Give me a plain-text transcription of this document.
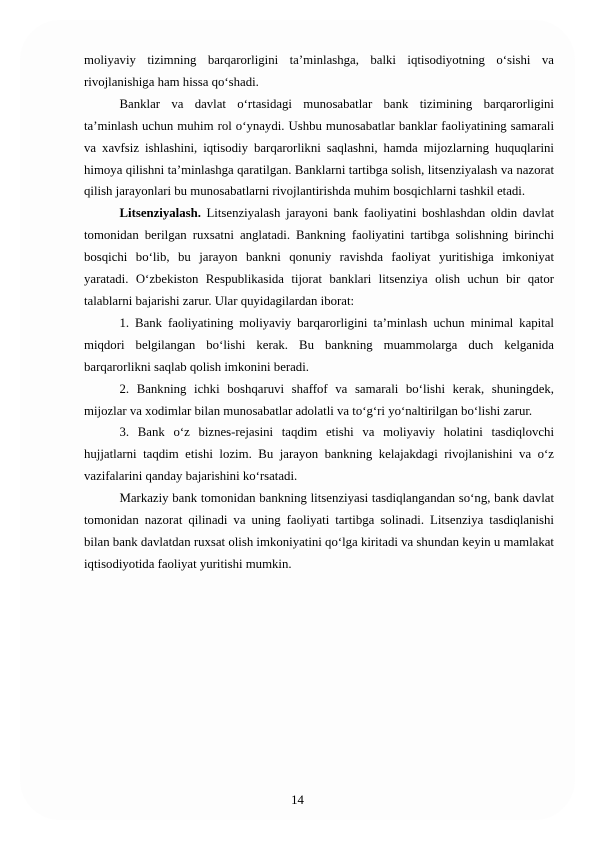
moliyaviy tizimning barqarorligini ta’minlashga, balki iqtisodiyotning o‘sishi va rivojlanishiga ham hissa qo‘shadi.

Banklar va davlat o‘rtasidagi munosabatlar bank tizimining barqarorligini ta’minlash uchun muhim rol o‘ynaydi. Ushbu munosabatlar banklar faoliyatining samarali va xavfsiz ishlashini, iqtisodiy barqarorlikni saqlashni, hamda mijozlarning huquqlarini himoya qilishni ta’minlashga qaratilgan. Banklarni tartibga solish, litsenziyalash va nazorat qilish jarayonlari bu munosabatlarni rivojlantirishda muhim bosqichlarni tashkil etadi.

Litsenziyalash. Litsenziyalash jarayoni bank faoliyatini boshlashdan oldin davlat tomonidan berilgan ruxsatni anglatadi. Bankning faoliyatini tartibga solishning birinchi bosqichi bo‘lib, bu jarayon bankni qonuniy ravishda faoliyat yuritishiga imkoniyat yaratadi. O‘zbekiston Respublikasida tijorat banklari litsenziya olish uchun bir qator talablarni bajarishi zarur. Ular quyidagilardan iborat:

1. Bank faoliyatining moliyaviy barqarorligini ta’minlash uchun minimal kapital miqdori belgilangan bo‘lishi kerak. Bu bankning muammolarga duch kelganida barqarorlikni saqlab qolish imkonini beradi.

2. Bankning ichki boshqaruvi shaffof va samarali bo‘lishi kerak, shuningdek, mijozlar va xodimlar bilan munosabatlar adolatli va to‘g‘ri yo‘naltirilgan bo‘lishi zarur.

3. Bank o‘z biznes-rejasini taqdim etishi va moliyaviy holatini tasdiqlovchi hujjatlarni taqdim etishi lozim. Bu jarayon bankning kelajakdagi rivojlanishini va o‘z vazifalarini qanday bajarishini ko‘rsatadi.

Markaziy bank tomonidan bankning litsenziyasi tasdiqlangandan so‘ng, bank davlat tomonidan nazorat qilinadi va uning faoliyati tartibga solinadi. Litsenziya tasdiqlanishi bilan bank davlatdan ruxsat olish imkoniyatini qo‘lga kiritadi va shundan keyin u mamlakat iqtisodiyotida faoliyat yuritishi mumkin.

14
